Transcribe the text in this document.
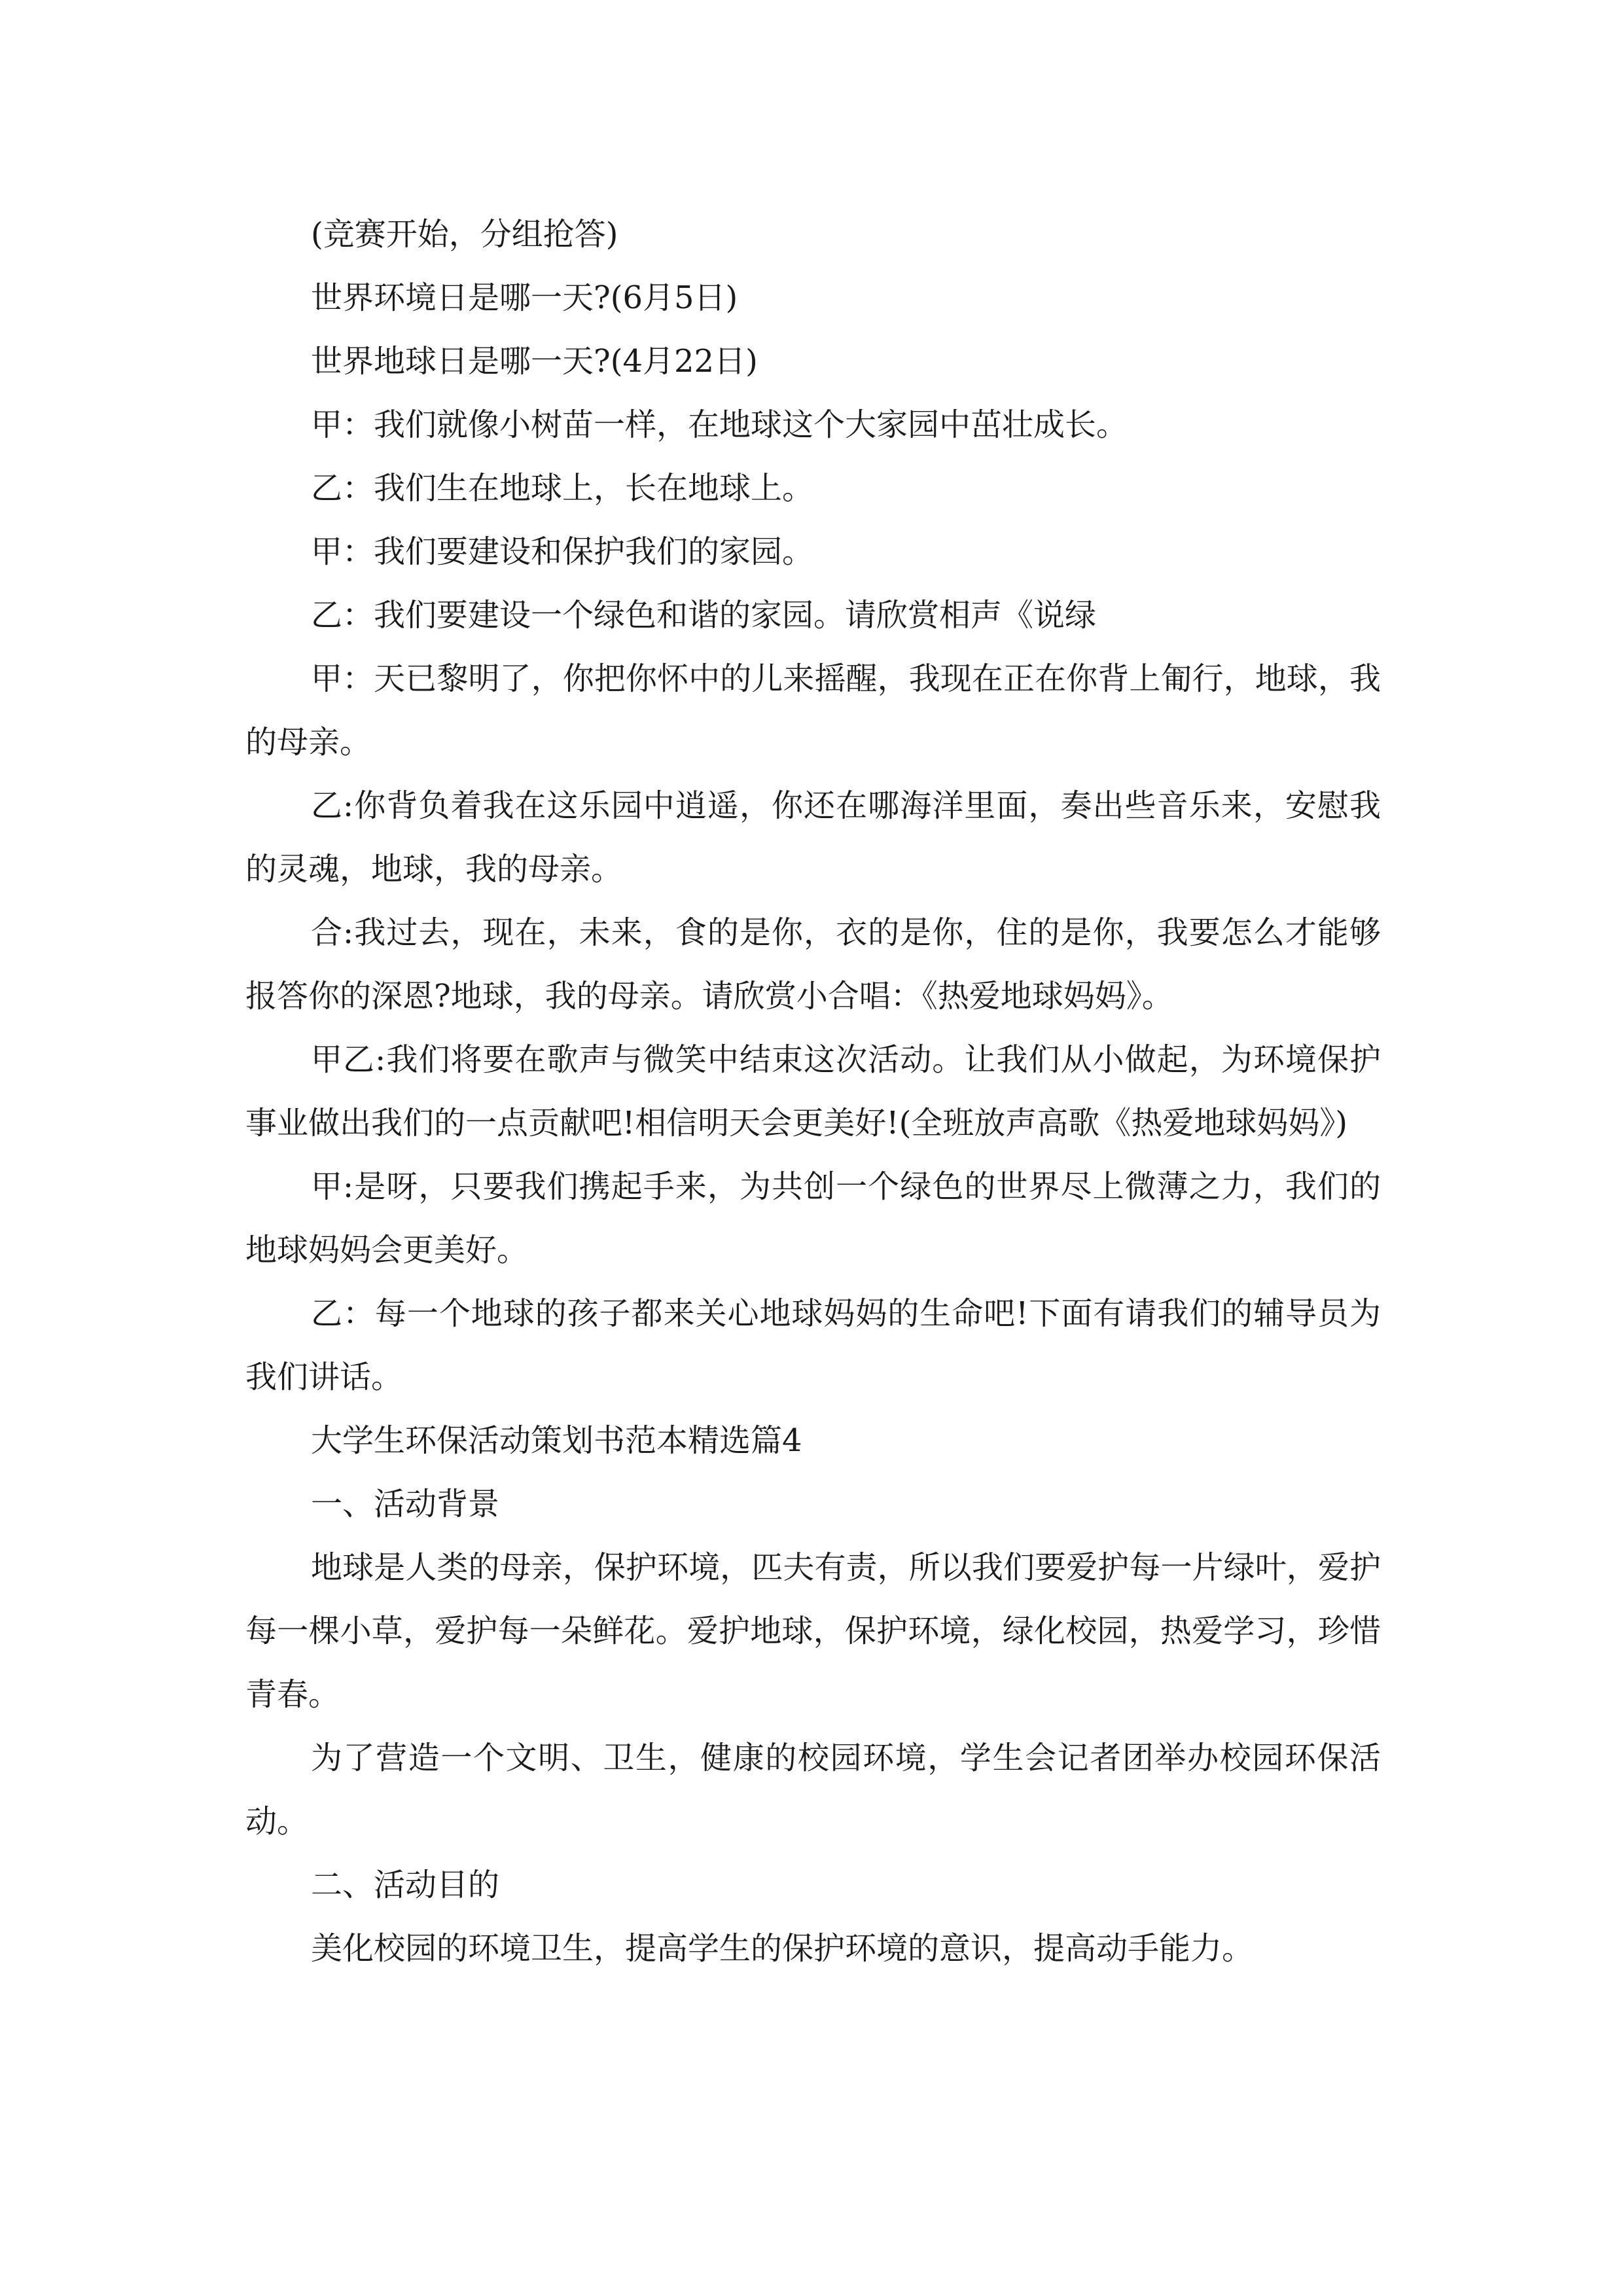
(竞赛开始，分组抢答)

世界环境日是哪一天?(6月5日)

世界地球日是哪一天?(4月22日)

甲：我们就像小树苗一样，在地球这个大家园中茁壮成长。

乙：我们生在地球上，长在地球上。

甲：我们要建设和保护我们的家园。

乙：我们要建设一个绿色和谐的家园。请欣赏相声《说绿

甲：天已黎明了，你把你怀中的儿来摇醒，我现在正在你背上匍行，地球，我的母亲。

乙:你背负着我在这乐园中逍遥，你还在哪海洋里面，奏出些音乐来，安慰我的灵魂，地球，我的母亲。

合:我过去，现在，未来，食的是你，衣的是你，住的是你，我要怎么才能够报答你的深恩?地球，我的母亲。请欣赏小合唱：《热爱地球妈妈》。

甲乙:我们将要在歌声与微笑中结束这次活动。让我们从小做起，为环境保护事业做出我们的一点贡献吧!相信明天会更美好!(全班放声高歌《热爱地球妈妈》)

甲:是呀，只要我们携起手来，为共创一个绿色的世界尽上微薄之力，我们的地球妈妈会更美好。

乙：每一个地球的孩子都来关心地球妈妈的生命吧!下面有请我们的辅导员为我们讲话。

大学生环保活动策划书范本精选篇4

一、活动背景

地球是人类的母亲，保护环境，匹夫有责，所以我们要爱护每一片绿叶，爱护每一棵小草，爱护每一朵鲜花。爱护地球，保护环境，绿化校园，热爱学习，珍惜青春。

为了营造一个文明、卫生，健康的校园环境，学生会记者团举办校园环保活动。

二、活动目的

美化校园的环境卫生，提高学生的保护环境的意识，提高动手能力。
